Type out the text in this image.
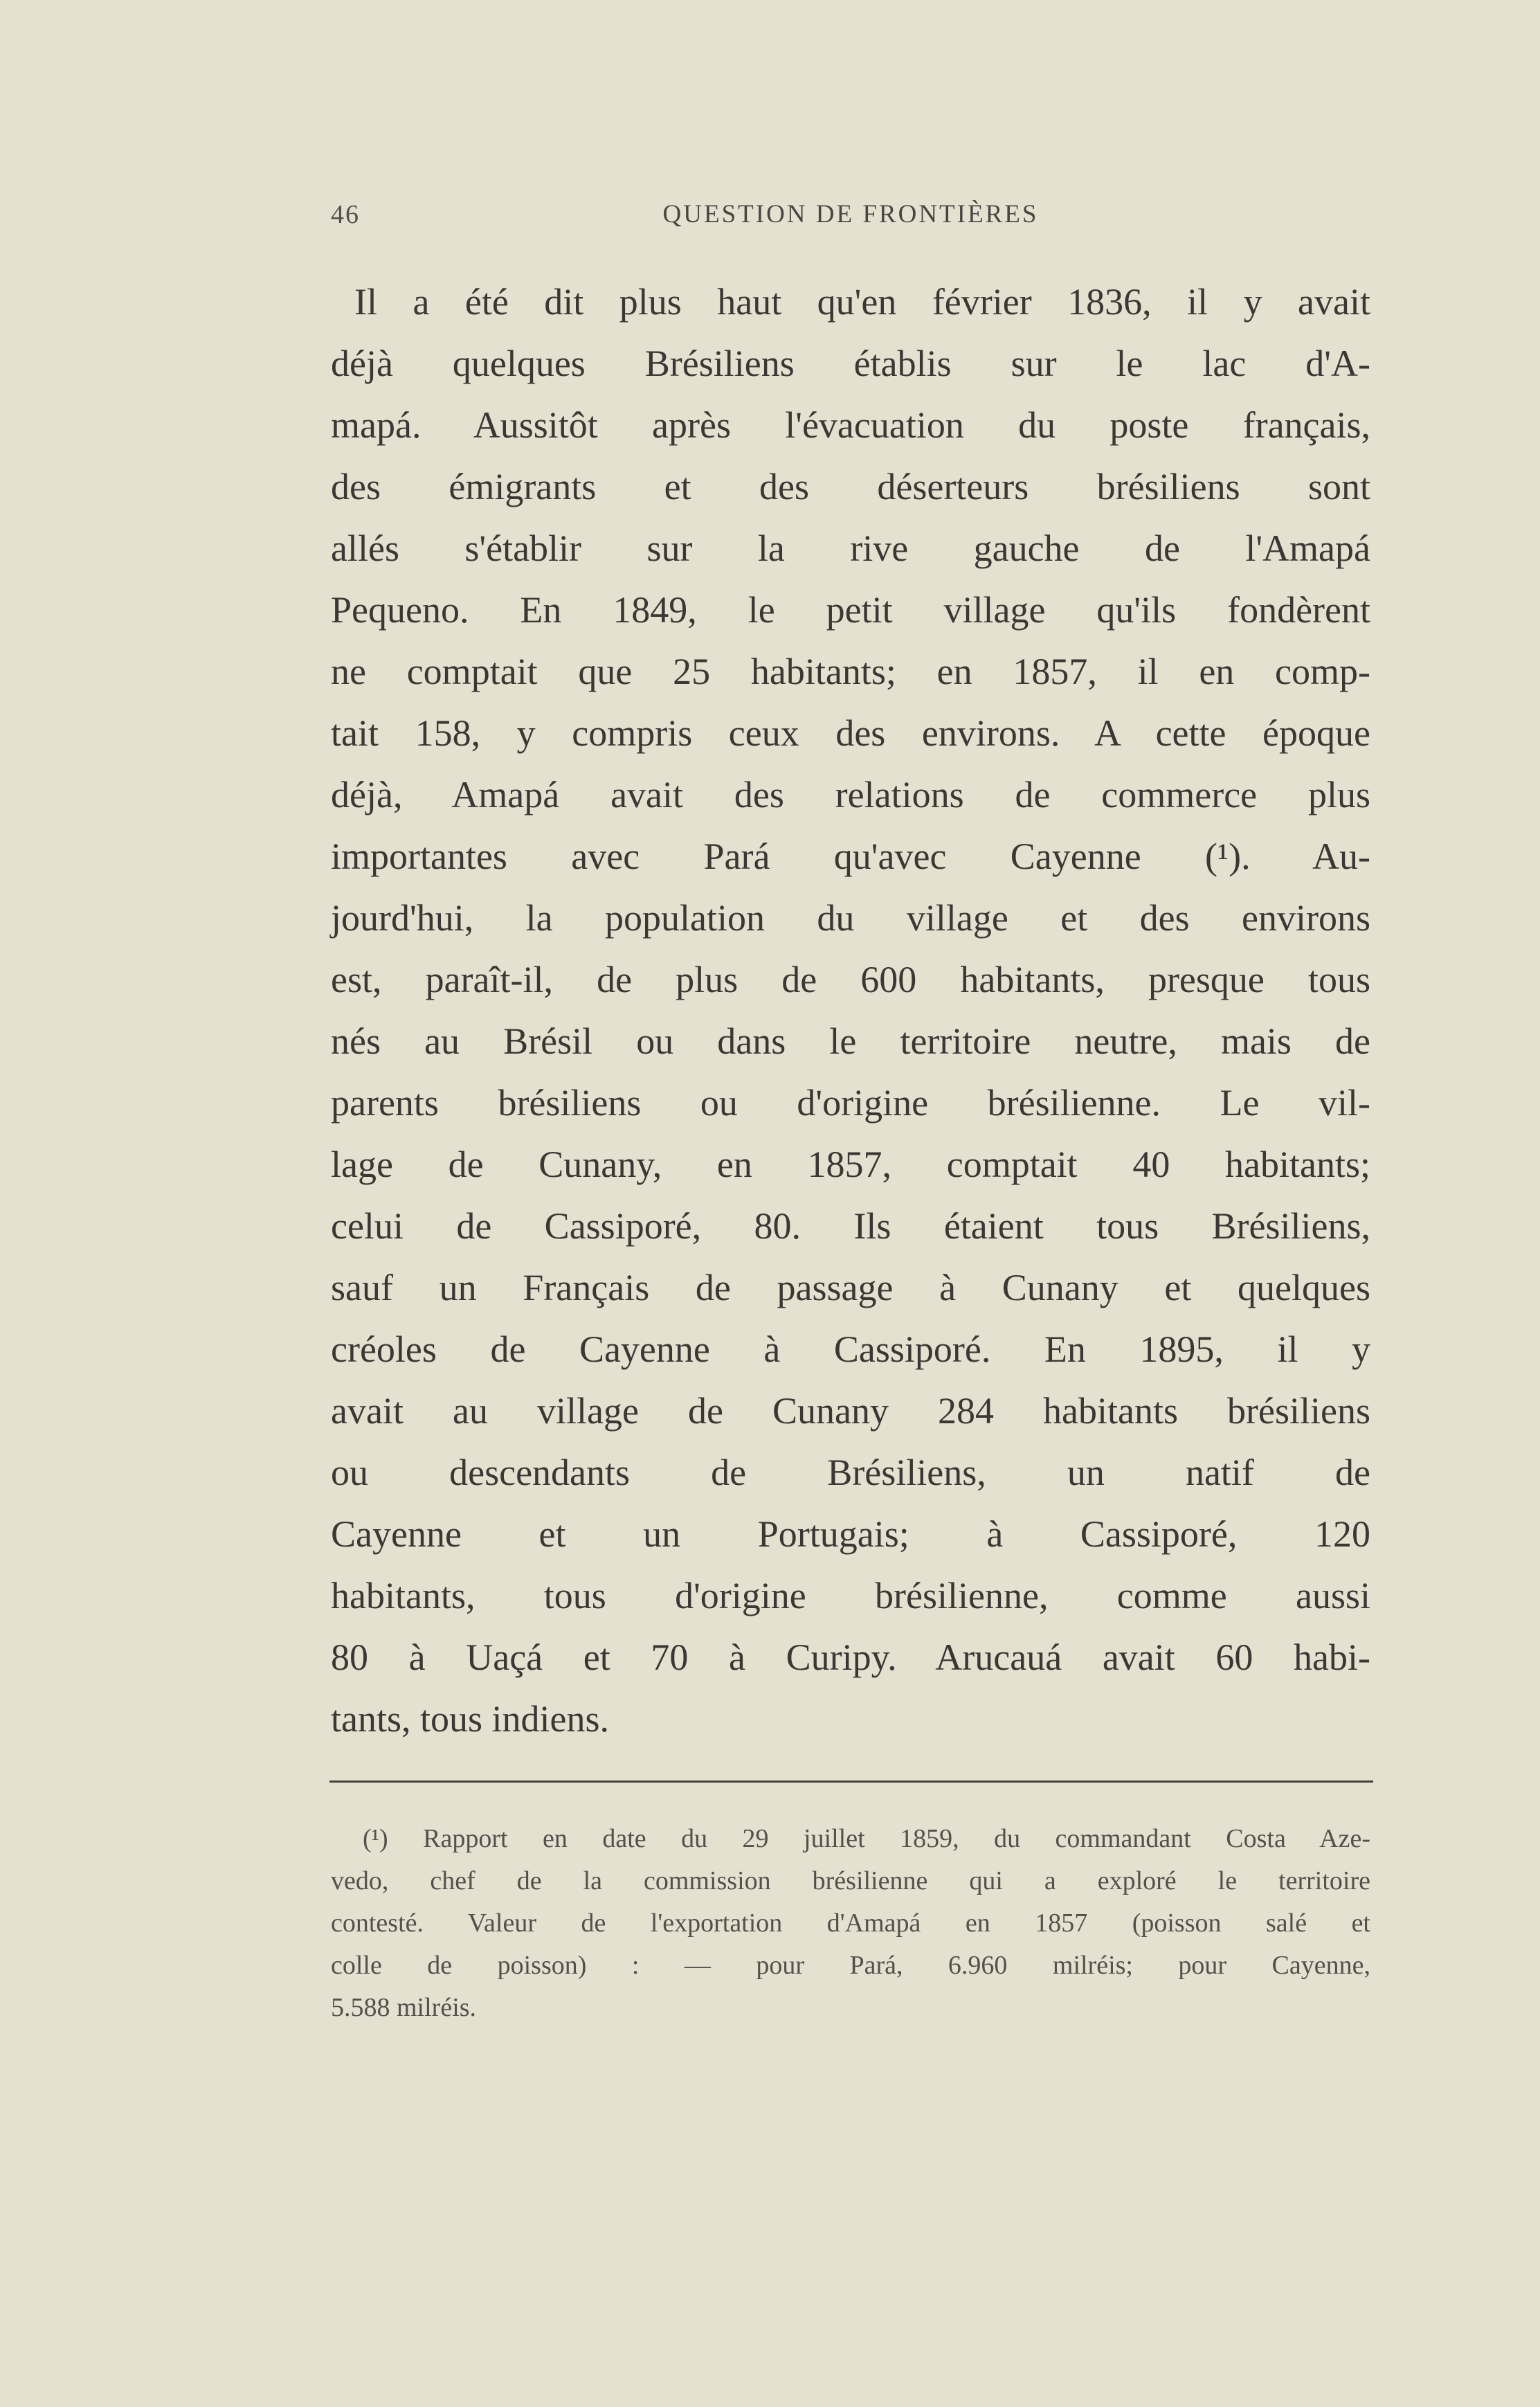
46	QUESTION DE FRONTIÈRES
Il a été dit plus haut qu'en février 1836, il y avait
déjà quelques Brésiliens établis sur le lac d'A-
mapá. Aussitôt après l'évacuation du poste français,
des émigrants et des déserteurs brésiliens sont
allés s'établir sur la rive gauche de l'Amapá
Pequeno. En 1849, le petit village qu'ils fondèrent
ne comptait que 25 habitants; en 1857, il en comp-
tait 158, y compris ceux des environs. A cette époque
déjà, Amapá avait des relations de commerce plus
importantes avec Pará qu'avec Cayenne (¹). Au-
jourd'hui, la population du village et des environs
est, paraît-il, de plus de 600 habitants, presque tous
nés au Brésil ou dans le territoire neutre, mais de
parents brésiliens ou d'origine brésilienne. Le vil-
lage de Cunany, en 1857, comptait 40 habitants;
celui de Cassiporé, 80. Ils étaient tous Brésiliens,
sauf un Français de passage à Cunany et quelques
créoles de Cayenne à Cassiporé. En 1895, il y
avait au village de Cunany 284 habitants brésiliens
ou descendants de Brésiliens, un natif de
Cayenne et un Portugais; à Cassiporé, 120
habitants, tous d'origine brésilienne, comme aussi
80 à Uaçá et 70 à Curipy. Arucauá avait 60 habi-
tants, tous indiens.
(¹) Rapport en date du 29 juillet 1859, du commandant Costa Aze-
vedo, chef de la commission brésilienne qui a exploré le territoire
contesté. Valeur de l'exportation d'Amapá en 1857 (poisson salé et
colle de poisson) : — pour Pará, 6.960 milréis; pour Cayenne,
5.588 milréis.
